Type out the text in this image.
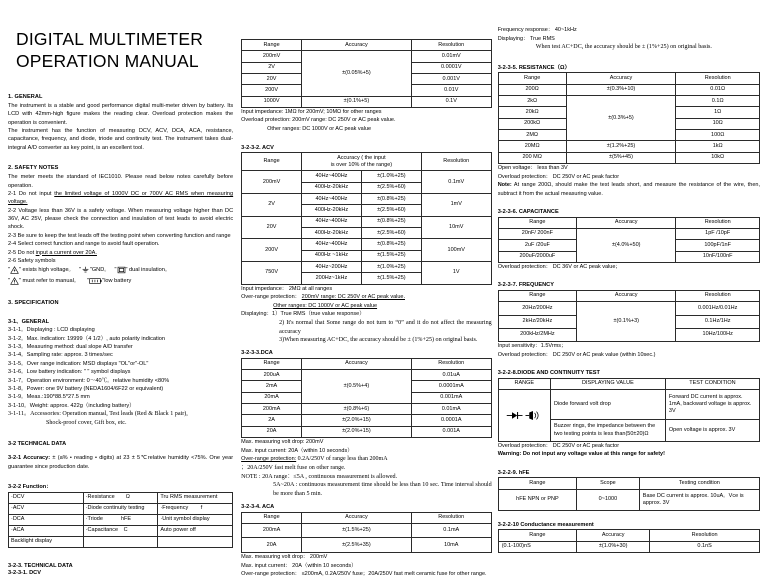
DIGITAL MULTIMETER
OPERATION MANUAL
1. GENERAL

The instrument is a stable and good performance digital multi-meter driven by battery. Its LCD with 42mm-high figure makes the reading clear. Overload protection makes the operation is convenient.

The instrument has the function of measuring DCV, ACV, DCA, ACA, resistance, capacitance, frequency, and diode, triode and continuity test. The instrument takes dual-integral A/D converter as key point, is an excellent tool.

2. SAFETY NOTES

The meter meets the standard of IEC1010. Please read below notes carefully before operation.

2-1 Do not input the limited voltage of 1000V DC or 700V AC RMS when measuring voltage.

2-2 Voltage less than 36V is a safety voltage. When measuring voltage higher than DC 36V, AC 25V, please check the connection and insulation of test leads to avoid electric shock.

2-3 Be sure to keep the test leads off the testing point when converting function and range

2-4 Select correct function and range to avoid fault operation.

2-5 Do not input a current over 20A.

2-6 Safety symbols

" " exists high voltage。   " "GND。   " " dual insulation。
" " must refer to manual。     " "low battery
3. SPECIFICATION
3-1、GENERAL

3-1-1。Displaying : LCD displaying

3-1-2。Max. indication: 19999（4 1/2）, auto polarity indication

3-1-3。Measuring method: dual slope A/D transfer

3-1-4。Sampling rate: approx. 3 times/sec

3-1-5。Over range indication: MSD displays "OL"or"-OL"

3-1-6。Low battery indication: " " symbol displays

3-1-7。Operation environment: 0～40℃。relative humidity <80%

3-1-8。Power: one 9V battery (NEDA1604/6F22 or equivalent)

3-1-9。Meas.:190*88.5*27.5 mm

3-1-10。Weight: approx. 422g（including battery）

3-1-11。Accessories: Operation manual, Test leads (Red & Black 1 pair),

Shock-proof cover, Gift box, etc.

3-2 TECHNICAL DATA

3-2-1 Accuracy: ± (a% • reading • digits) at 23 ± 5℃relative humidity <75%. One year guarantee since production date.

3-2-2 Function：
·DCV	·Resistance　　Ω	Tru RMS measurement
·ACV	·Diode continuity testing	·Frequency　　 f
·DCA	·Triode　　　 hFE	·Unit symbol display
·ACA	·Capacitance　C	Auto power off
Backlight display		
3-2-3. TECHNICAL DATA
3-2-3-1. DCV
Range	Accuracy	Resolution
200mV	±(0.05%+5)	0.01mV
2V		0.0001V
20V		0.001V
200V		0.01V
1000V	±(0.1%+5)	0.1V

Input impedance: 1MΩ for 200mV; 10MΩ for other ranges

Overload protection: 200mV range: DC 250V or AC peak value.

Other ranges: DC 1000V or AC peak value

3-2-3-2. ACV
Range	Accuracy ( the input		Resolution
	is over 10% of the range)		
200mV	40Hz~400Hz	±(1.0%+25)	0.1mV
	400Hz-20kHz	±(2.5%+60)	
2V	40Hz~400Hz	±(0.8%+25)	1mV
	400Hz-20kHz	±(2.5%+60)	
20V	40Hz~400Hz	±(0.8%+25)	10mV
	400Hz-20kHz	±(2.5%+60)	
200V	40Hz~400Hz	±(0.8%+25)	100mV
	400Hz ~1kHz	±(1.5%+25)	
750V	40Hz~200Hz	±(1.0%+25)	1V
	200Hz~1kHz	±(1.5%+25)	

Input impedance： 2MΩ at all ranges

Over-range protection： 200mV range: DC 250V or AC peak value.

Other ranges: DC 1000V or AC peak value

Displaying：1）True RMS（true value response）

2) It's normal that Some range do not turn to “0” and it do not affect the measuring accuracy

3)When measuring AC+DC, the accuracy should be ± (1%+25) on original basis.

3-2-3-3.DCA
Range	Accuracy	Resolution
200uA	±(0.5%+4)	0.01uA
2mA		0.0001mA
20mA		0.001mA
200mA	±(0.8%+6)	0.01mA
2A	±(2.0%+15)	0.0001A
20A	±(2.0%+15)	0.001A

Max. measuring volt drop: 200mV

Max. input current: 20A（within 10 seconds）

Over-range protection: 0.2A/250V of range less than 200mA

；20A/250V fast melt fuse on other range.

NOTE : 20A range：≤5A , continuous measurement is allowed.

5A~20A : continuous measurement time should be less than 10 sec. Time interval should be more than 5 min.

3-2-3-4. ACA
Range	Accuracy	Resolution
200mA	±(1.5%+25)	0.1mA
20A	±(2.5%+35)	10mA

Max. measuring volt drop： 200mV

Max. input current： 20A（within 10 seconds）

Over-range protection： ≤200mA, 0.2A/250V fuse；20A/250V fast melt ceramic fuse for other range.

Frequency response： 40~1kHz

Displaying： True RMS

When test AC+DC, the accuracy should be ± (1%+25) on original basis.

3-2-3-5. RESISTANCE（Ω）
Range	Accuracy	Resolution
200Ω	±(0.3%+10)	0.01Ω
2kΩ	±(0.3%+5)	0.1Ω
20kΩ		1Ω
200kΩ		10Ω
2MΩ		100Ω
20MΩ	±(1.2%+25)	1kΩ
200 MΩ	±(5%+45)	10kΩ

Open voltage： less than 3V

Overload protection： DC 250V or AC peak factor

Note: At range 200Ω, should make the test leads short, and measure the resistance of the wire, then, subtract it from the actual measuring value.

3-2-3-6. CAPACITANCE
Range	Accuracy	Resolution
20nF/ 200nF	±(4.0%+50)	1pF /10pF
2uF /20uF		100pF/1nF
200uF/2000uF		10nF/100nF

Overload protection： DC 36V or AC peak value；

3-2-3-7. FREQUENCY
Range	Accuracy	Resolution
20Hz/200Hz	±(0.1%+3)	0.001Hz/0.01Hz
2kHz/20kHz		0.1Hz/1Hz
200kHz/2MHz		10Hz/100Hz

Input sensitivity：1.5Vrms；

Overload protection： DC 250V or AC peak value (within 10sec.)

3-2-2-8.DIODE AND CONTINUITY TEST
RANGE	DISPLAYING VALUE	TEST CONDITION

	Diode forward volt drop	Forward DC current is approx. 1mA, backward voltage is approx. 3V
	Buzzer rings, the impedance between the two testing points is less than(50±20)Ω	Open voltage is approx. 3V

Overload protection： DC 250V or AC peak factor

Warning: Do not input any voltage value at this range for safety!

3-2-2-9. hFE
Range	Scope	Testing condition
hFE NPN or PNP	0~1000	Base DC current is approx. 10uA。Vce is approx. 3V
3-2-2-10 Conductance measurement
Range	Accuracy	Resolution
(0.1-100)nS	±(1.0%+30)	0.1nS
